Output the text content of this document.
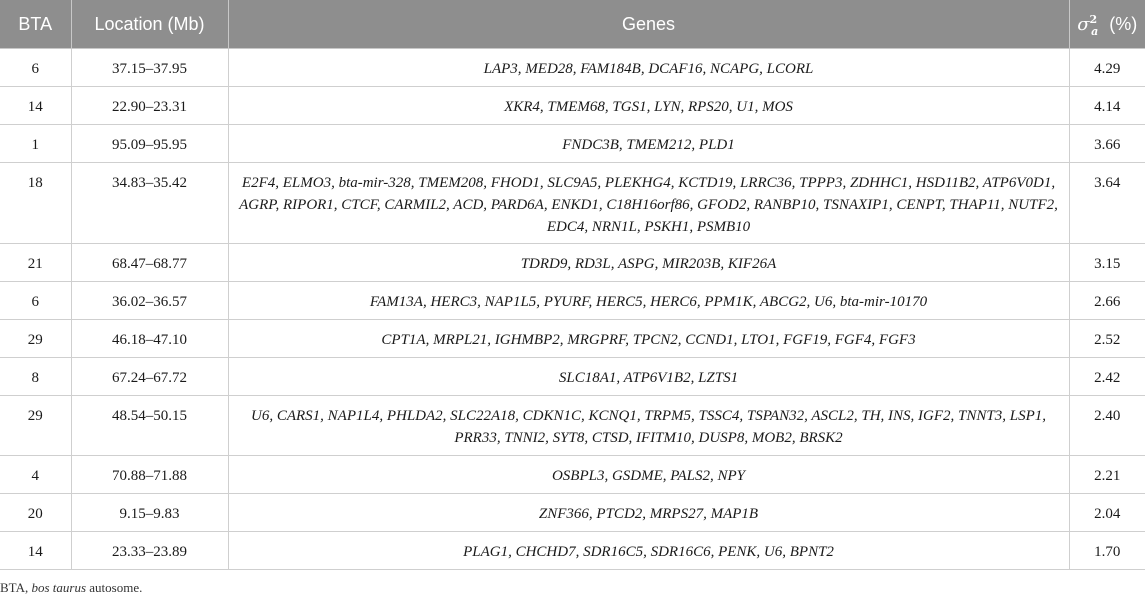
BTA	Location (Mb)	Genes	$\sigma^2_a$ (%)
6	37.15–37.95	LAP3, MED28, FAM184B, DCAF16, NCAPG, LCORL	4.29
14	22.90–23.31	XKR4, TMEM68, TGS1, LYN, RPS20, U1, MOS	4.14
1	95.09–95.95	FNDC3B, TMEM212, PLD1	3.66
18	34.83–35.42	E2F4, ELMO3, bta-mir-328, TMEM208, FHOD1, SLC9A5, PLEKHG4, KCTD19, LRRC36, TPPP3, ZDHHC1, HSD11B2, ATP6V0D1, AGRP, RIPOR1, CTCF, CARMIL2, ACD, PARD6A, ENKD1, C18H16orf86, GFOD2, RANBP10, TSNAXIP1, CENPT, THAP11, NUTF2, EDC4, NRN1L, PSKH1, PSMB10	3.64
21	68.47–68.77	TDRD9, RD3L, ASPG, MIR203B, KIF26A	3.15
6	36.02–36.57	FAM13A, HERC3, NAP1L5, PYURF, HERC5, HERC6, PPM1K, ABCG2, U6, bta-mir-10170	2.66
29	46.18–47.10	CPT1A, MRPL21, IGHMBP2, MRGPRF, TPCN2, CCND1, LTO1, FGF19, FGF4, FGF3	2.52
8	67.24–67.72	SLC18A1, ATP6V1B2, LZTS1	2.42
29	48.54–50.15	U6, CARS1, NAP1L4, PHLDA2, SLC22A18, CDKN1C, KCNQ1, TRPM5, TSSC4, TSPAN32, ASCL2, TH, INS, IGF2, TNNT3, LSP1, PRR33, TNNI2, SYT8, CTSD, IFITM10, DUSP8, MOB2, BRSK2	2.40
4	70.88–71.88	OSBPL3, GSDME, PALS2, NPY	2.21
20	9.15–9.83	ZNF366, PTCD2, MRPS27, MAP1B	2.04
14	23.33–23.89	PLAG1, CHCHD7, SDR16C5, SDR16C6, PENK, U6, BPNT2	1.70
BTA, bos taurus autosome.
